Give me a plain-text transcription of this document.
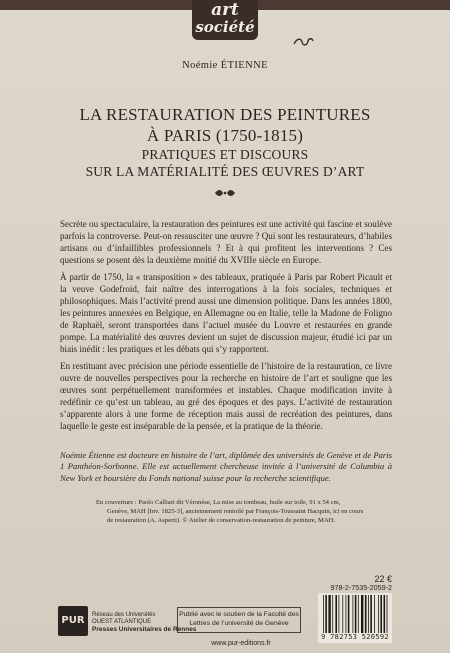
art
société
Noémie ÉTIENNE
LA RESTAURATION DES PEINTURES
À PARIS (1750-1815)
PRATIQUES ET DISCOURS
SUR LA MATÉRIALITÉ DES ŒUVRES D’ART

Secrète ou spectaculaire, la restauration des peintures est une activité qui fascine et soulève parfois la controverse. Peut-on ressusciter une œuvre ? Qui sont les restaurateurs, d’habiles artisans ou d’infaillibles professionnels ? Et à qui profitent les interventions ? Ces questions se posent dès la deuxième moitié du XVIIIe siècle en Europe.

À partir de 1750, la « transposition » des tableaux, pratiquée à Paris par Robert Picault et la veuve Godefroid, fait naître des interrogations à la fois sociales, techniques et philosophiques. Mais l’activité prend aussi une dimension politique. Dans les années 1800, les peintures annexées en Belgique, en Allemagne ou en Italie, telle la Madone de Foligno de Raphaël, seront transportées dans l’actuel musée du Louvre et restaurées en grande pompe. La matérialité des œuvres devient un sujet de discussion majeur, étudié ici par un biais inédit : les pratiques et les débats qui s’y rapportent.

En restituant avec précision une période essentielle de l’histoire de la restauration, ce livre ouvre de nouvelles perspectives pour la recherche en histoire de l’art et souligne que les œuvres sont perpétuellement transformées et instables. Chaque modification invite à redéfinir ce qu’est un tableau, au gré des époques et des pays. L’activité de restauration s’apparente alors à une forme de réception mais aussi de recréation des peintures, dans laquelle le geste est inséparable de la pensée, et la pratique de la théorie.

Noémie Étienne est docteure en histoire de l’art, diplômée des universités de Genève et de Paris 1 Panthéon-Sorbonne. Elle est actuellement chercheuse invitée à l’université de Columbia à New York et boursière du Fonds national suisse pour la recherche scientifique.
En couverture : Paolo Calliari dit Véronèse, La mise au tombeau, huile sur toile, 91 x 54 cm,
Genève, MAH [Inv. 1825-3], anciennement rentoilé par François-Toussaint Hacquin, ici en cours
de restauration (A. Asperti). © Atelier de conservation-restauration de peinture, MAH.
PUR	Réseau des Universités
OUEST ATLANTIQUE
Presses Universitaires de Rennes
Publié avec le soutien de la Faculté des
Lettres de l’université de Genève
www.pur-editions.fr
22 €
978-2-7535-2059-2
9 782753 520592
